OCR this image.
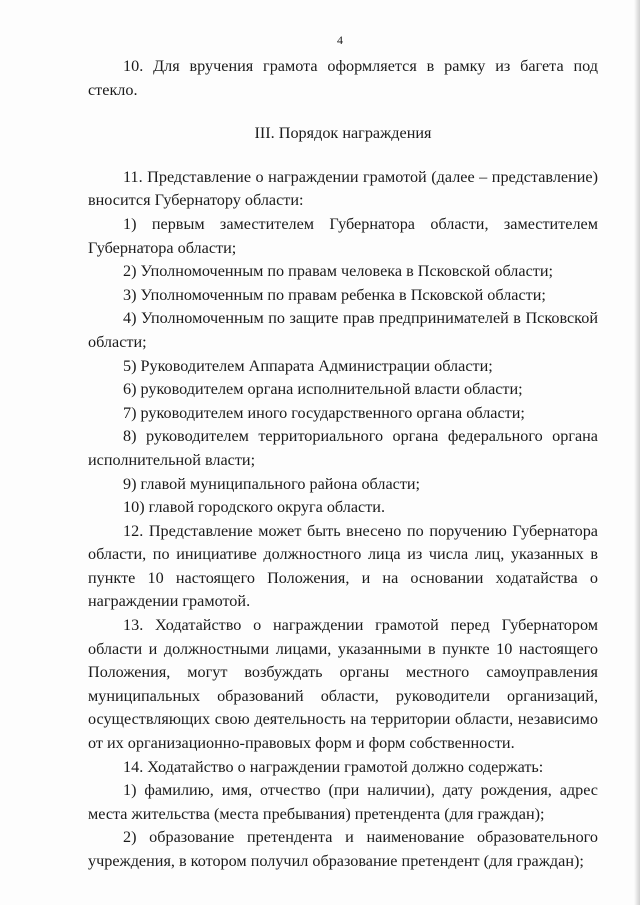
4

10. Для вручения грамота оформляется в рамку из багета под стекло.

III. Порядок награждения

11. Представление о награждении грамотой (далее – представление) вносится Губернатору области:

1) первым заместителем Губернатора области, заместителем Губернатора области;

2) Уполномоченным по правам человека в Псковской области;

3) Уполномоченным по правам ребенка в Псковской области;

4) Уполномоченным по защите прав предпринимателей в Псковской области;

5) Руководителем Аппарата Администрации области;

6) руководителем органа исполнительной власти области;

7) руководителем иного государственного органа области;

8) руководителем территориального органа федерального органа исполнительной власти;

9) главой муниципального района области;

10) главой городского округа области.

12. Представление может быть внесено по поручению Губернатора области, по инициативе должностного лица из числа лиц, указанных в пункте 10 настоящего Положения, и на основании ходатайства о награждении грамотой.

13. Ходатайство о награждении грамотой перед Губернатором области и должностными лицами, указанными в пункте 10 настоящего Положения, могут возбуждать органы местного самоуправления муниципальных образований области, руководители организаций, осуществляющих свою деятельность на территории области, независимо от их организационно-правовых форм и форм собственности.

14. Ходатайство о награждении грамотой должно содержать:

1) фамилию, имя, отчество (при наличии), дату рождения, адрес места жительства (места пребывания) претендента (для граждан);

2) образование претендента и наименование образовательного учреждения, в котором получил образование претендент (для граждан);
